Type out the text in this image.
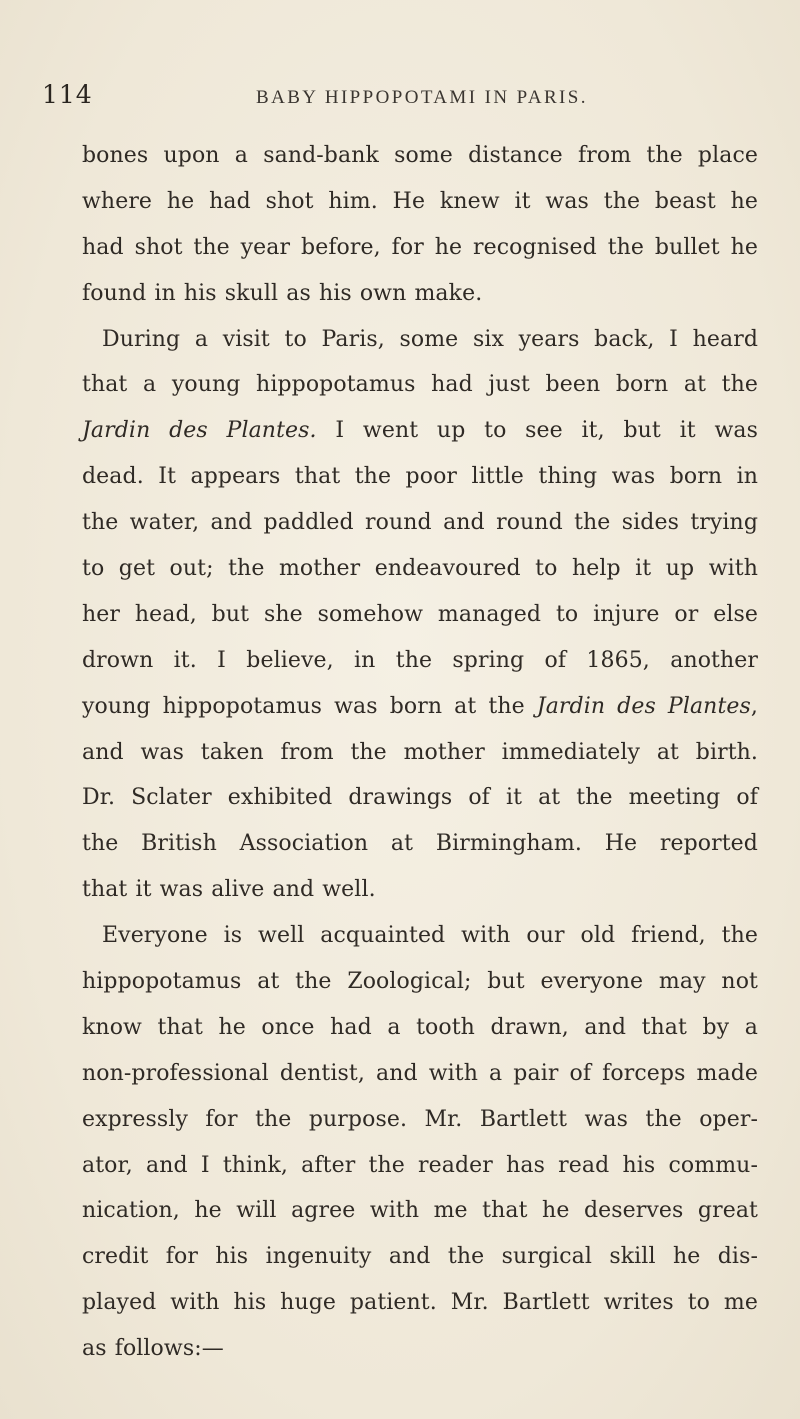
114	BABY HIPPOPOTAMI IN PARIS.
bones upon a sand-bank some distance from the place
where he had shot him. He knew it was the beast he
had shot the year before, for he recognised the bullet he
found in his skull as his own make.
During a visit to Paris, some six years back, I heard
that a young hippopotamus had just been born at the
Jardin des Plantes. I went up to see it, but it was
dead. It appears that the poor little thing was born in
the water, and paddled round and round the sides trying
to get out; the mother endeavoured to help it up with
her head, but she somehow managed to injure or else
drown it. I believe, in the spring of 1865, another
young hippopotamus was born at the Jardin des Plantes,
and was taken from the mother immediately at birth.
Dr. Sclater exhibited drawings of it at the meeting of
the British Association at Birmingham. He reported
that it was alive and well.
Everyone is well acquainted with our old friend, the
hippopotamus at the Zoological; but everyone may not
know that he once had a tooth drawn, and that by a
non-professional dentist, and with a pair of forceps made
expressly for the purpose. Mr. Bartlett was the oper-
ator, and I think, after the reader has read his commu-
nication, he will agree with me that he deserves great
credit for his ingenuity and the surgical skill he dis-
played with his huge patient. Mr. Bartlett writes to me
as follows:—
